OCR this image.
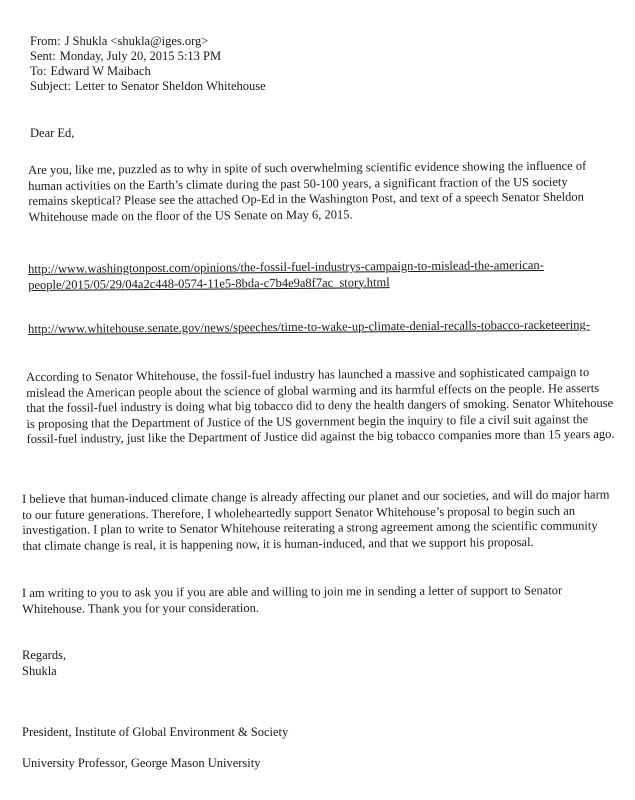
From: J Shukla <shukla@iges.org>
Sent: Monday, July 20, 2015 5:13 PM
To: Edward W Maibach
Subject: Letter to Senator Sheldon Whitehouse
Dear Ed,
Are you, like me, puzzled as to why in spite of such overwhelming scientific evidence showing the influence of human activities on the Earth’s climate during the past 50-100 years, a significant fraction of the US society remains skeptical? Please see the attached Op-Ed in the Washington Post, and text of a speech Senator Sheldon Whitehouse made on the floor of the US Senate on May 6, 2015.
http://www.washingtonpost.com/opinions/the-fossil-fuel-industrys-campaign-to-mislead-the-american-people/2015/05/29/04a2c448-0574-11e5-8bda-c7b4e9a8f7ac_story.html
http://www.whitehouse.senate.gov/news/speeches/time-to-wake-up-climate-denial-recalls-tobacco-racketeering-
According to Senator Whitehouse, the fossil-fuel industry has launched a massive and sophisticated campaign to mislead the American people about the science of global warming and its harmful effects on the people. He asserts that the fossil-fuel industry is doing what big tobacco did to deny the health dangers of smoking. Senator Whitehouse is proposing that the Department of Justice of the US government begin the inquiry to file a civil suit against the fossil-fuel industry, just like the Department of Justice did against the big tobacco companies more than 15 years ago.
I believe that human-induced climate change is already affecting our planet and our societies, and will do major harm to our future generations. Therefore, I wholeheartedly support Senator Whitehouse’s proposal to begin such an investigation. I plan to write to Senator Whitehouse reiterating a strong agreement among the scientific community that climate change is real, it is happening now, it is human-induced, and that we support his proposal.
I am writing to you to ask you if you are able and willing to join me in sending a letter of support to Senator Whitehouse. Thank you for your consideration.
Regards,
Shukla
President, Institute of Global Environment & Society
University Professor, George Mason University
